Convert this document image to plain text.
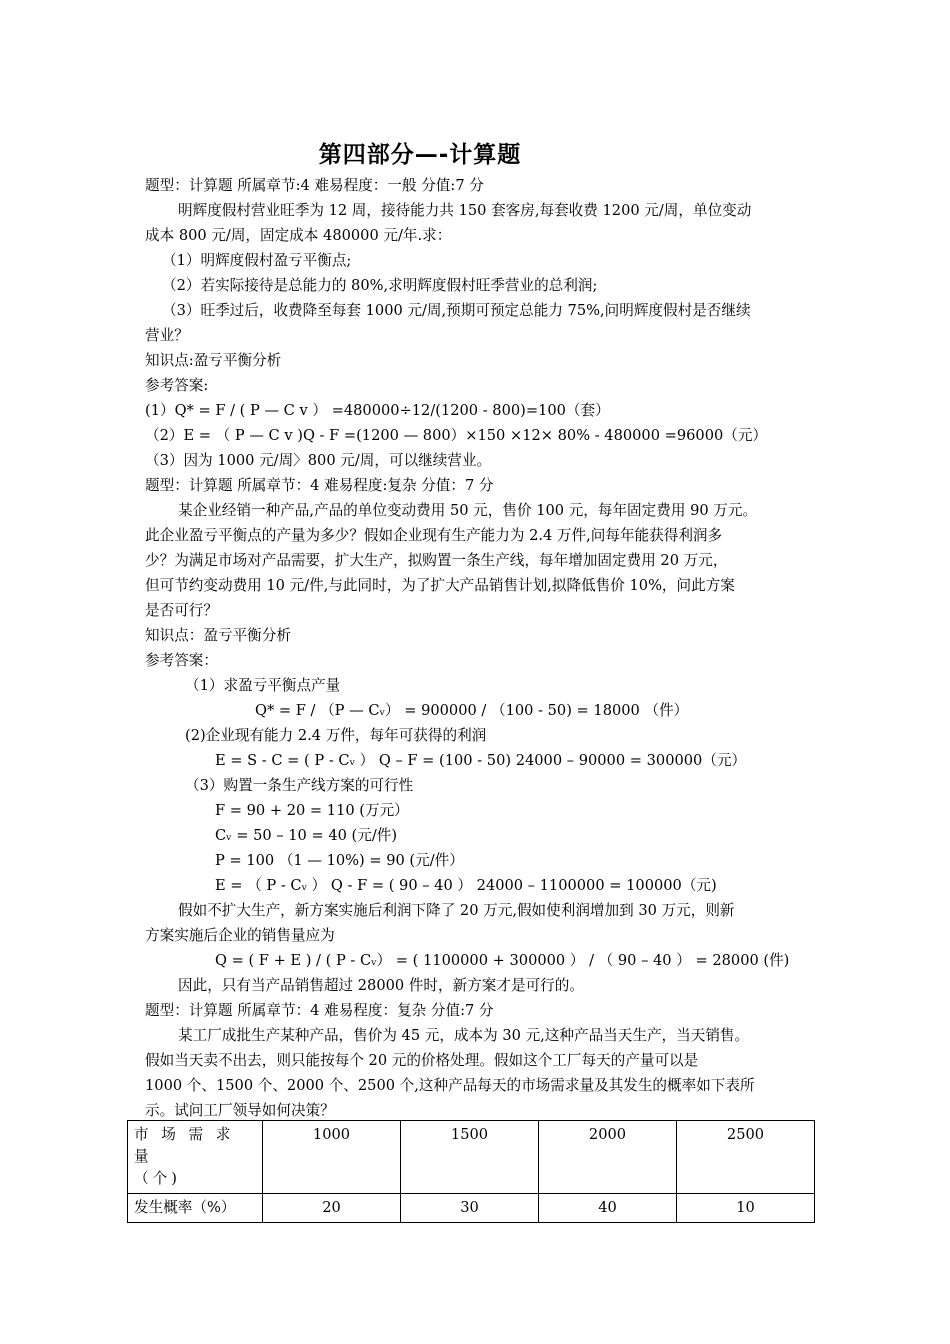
第四部分—-计算题
题型：计算题 所属章节:4 难易程度：一般 分值:7 分
明辉度假村营业旺季为 12 周，接待能力共 150 套客房,每套收费 1200 元/周，单位变动
成本 800 元/周，固定成本 480000 元/年.求：
（1）明辉度假村盈亏平衡点;
（2）若实际接待是总能力的 80%,求明辉度假村旺季营业的总利润;
（3）旺季过后，收费降至每套 1000 元/周,预期可预定总能力 75%,问明辉度假村是否继续
营业？
知识点:盈亏平衡分析
参考答案:
(1）Q* = F / ( P — C v ） =480000÷12/(1200 - 800)=100（套）
（2）E = （ P — C v )Q - F =(1200 — 800）×150 ×12× 80% - 480000 =96000（元）
（3）因为 1000 元/周〉800 元/周，可以继续营业。
题型：计算题 所属章节：4 难易程度:复杂 分值：7 分
某企业经销一种产品,产品的单位变动费用 50 元，售价 100 元，每年固定费用 90 万元。
此企业盈亏平衡点的产量为多少？假如企业现有生产能力为 2.4 万件,问每年能获得利润多
少？为满足市场对产品需要，扩大生产，拟购置一条生产线，每年增加固定费用 20 万元，
但可节约变动费用 10 元/件,与此同时，为了扩大产品销售计划,拟降低售价 10%，问此方案
是否可行？
知识点：盈亏平衡分析
参考答案：
（1）求盈亏平衡点产量
Q* = F / （P — Cᵥ） = 900000 / （100 - 50) = 18000 （件）
(2)企业现有能力 2.4 万件，每年可获得的利润
E = S - C = ( P - Cᵥ ） Q – F = (100 - 50) 24000 – 90000 = 300000（元）
（3）购置一条生产线方案的可行性
F = 90 + 20 = 110 (万元）
Cᵥ = 50 – 10 = 40 (元/件)
P = 100 （1 — 10%) = 90 (元/件）
E = （ P - Cᵥ ） Q - F = ( 90 – 40 ） 24000 – 1100000 = 100000（元)
假如不扩大生产，新方案实施后利润下降了 20 万元,假如使利润增加到 30 万元，则新
方案实施后企业的销售量应为
Q = ( F + E ) / ( P - Cᵥ） = ( 1100000 + 300000 ） / （ 90 – 40 ） = 28000 (件)
因此，只有当产品销售超过 28000 件时，新方案才是可行的。
题型：计算题 所属章节：4 难易程度：复杂 分值:7 分
某工厂成批生产某种产品，售价为 45 元，成本为 30 元,这种产品当天生产，当天销售。
假如当天卖不出去，则只能按每个 20 元的价格处理。假如这个工厂每天的产量可以是
1000 个、1500 个、2000 个、2500 个,这种产品每天的市场需求量及其发生的概率如下表所
示。试问工厂领导如何决策？
市 场 需 求 量
（个)	1000	1500	2000	2500
发生概率（%）	20	30	40	10
